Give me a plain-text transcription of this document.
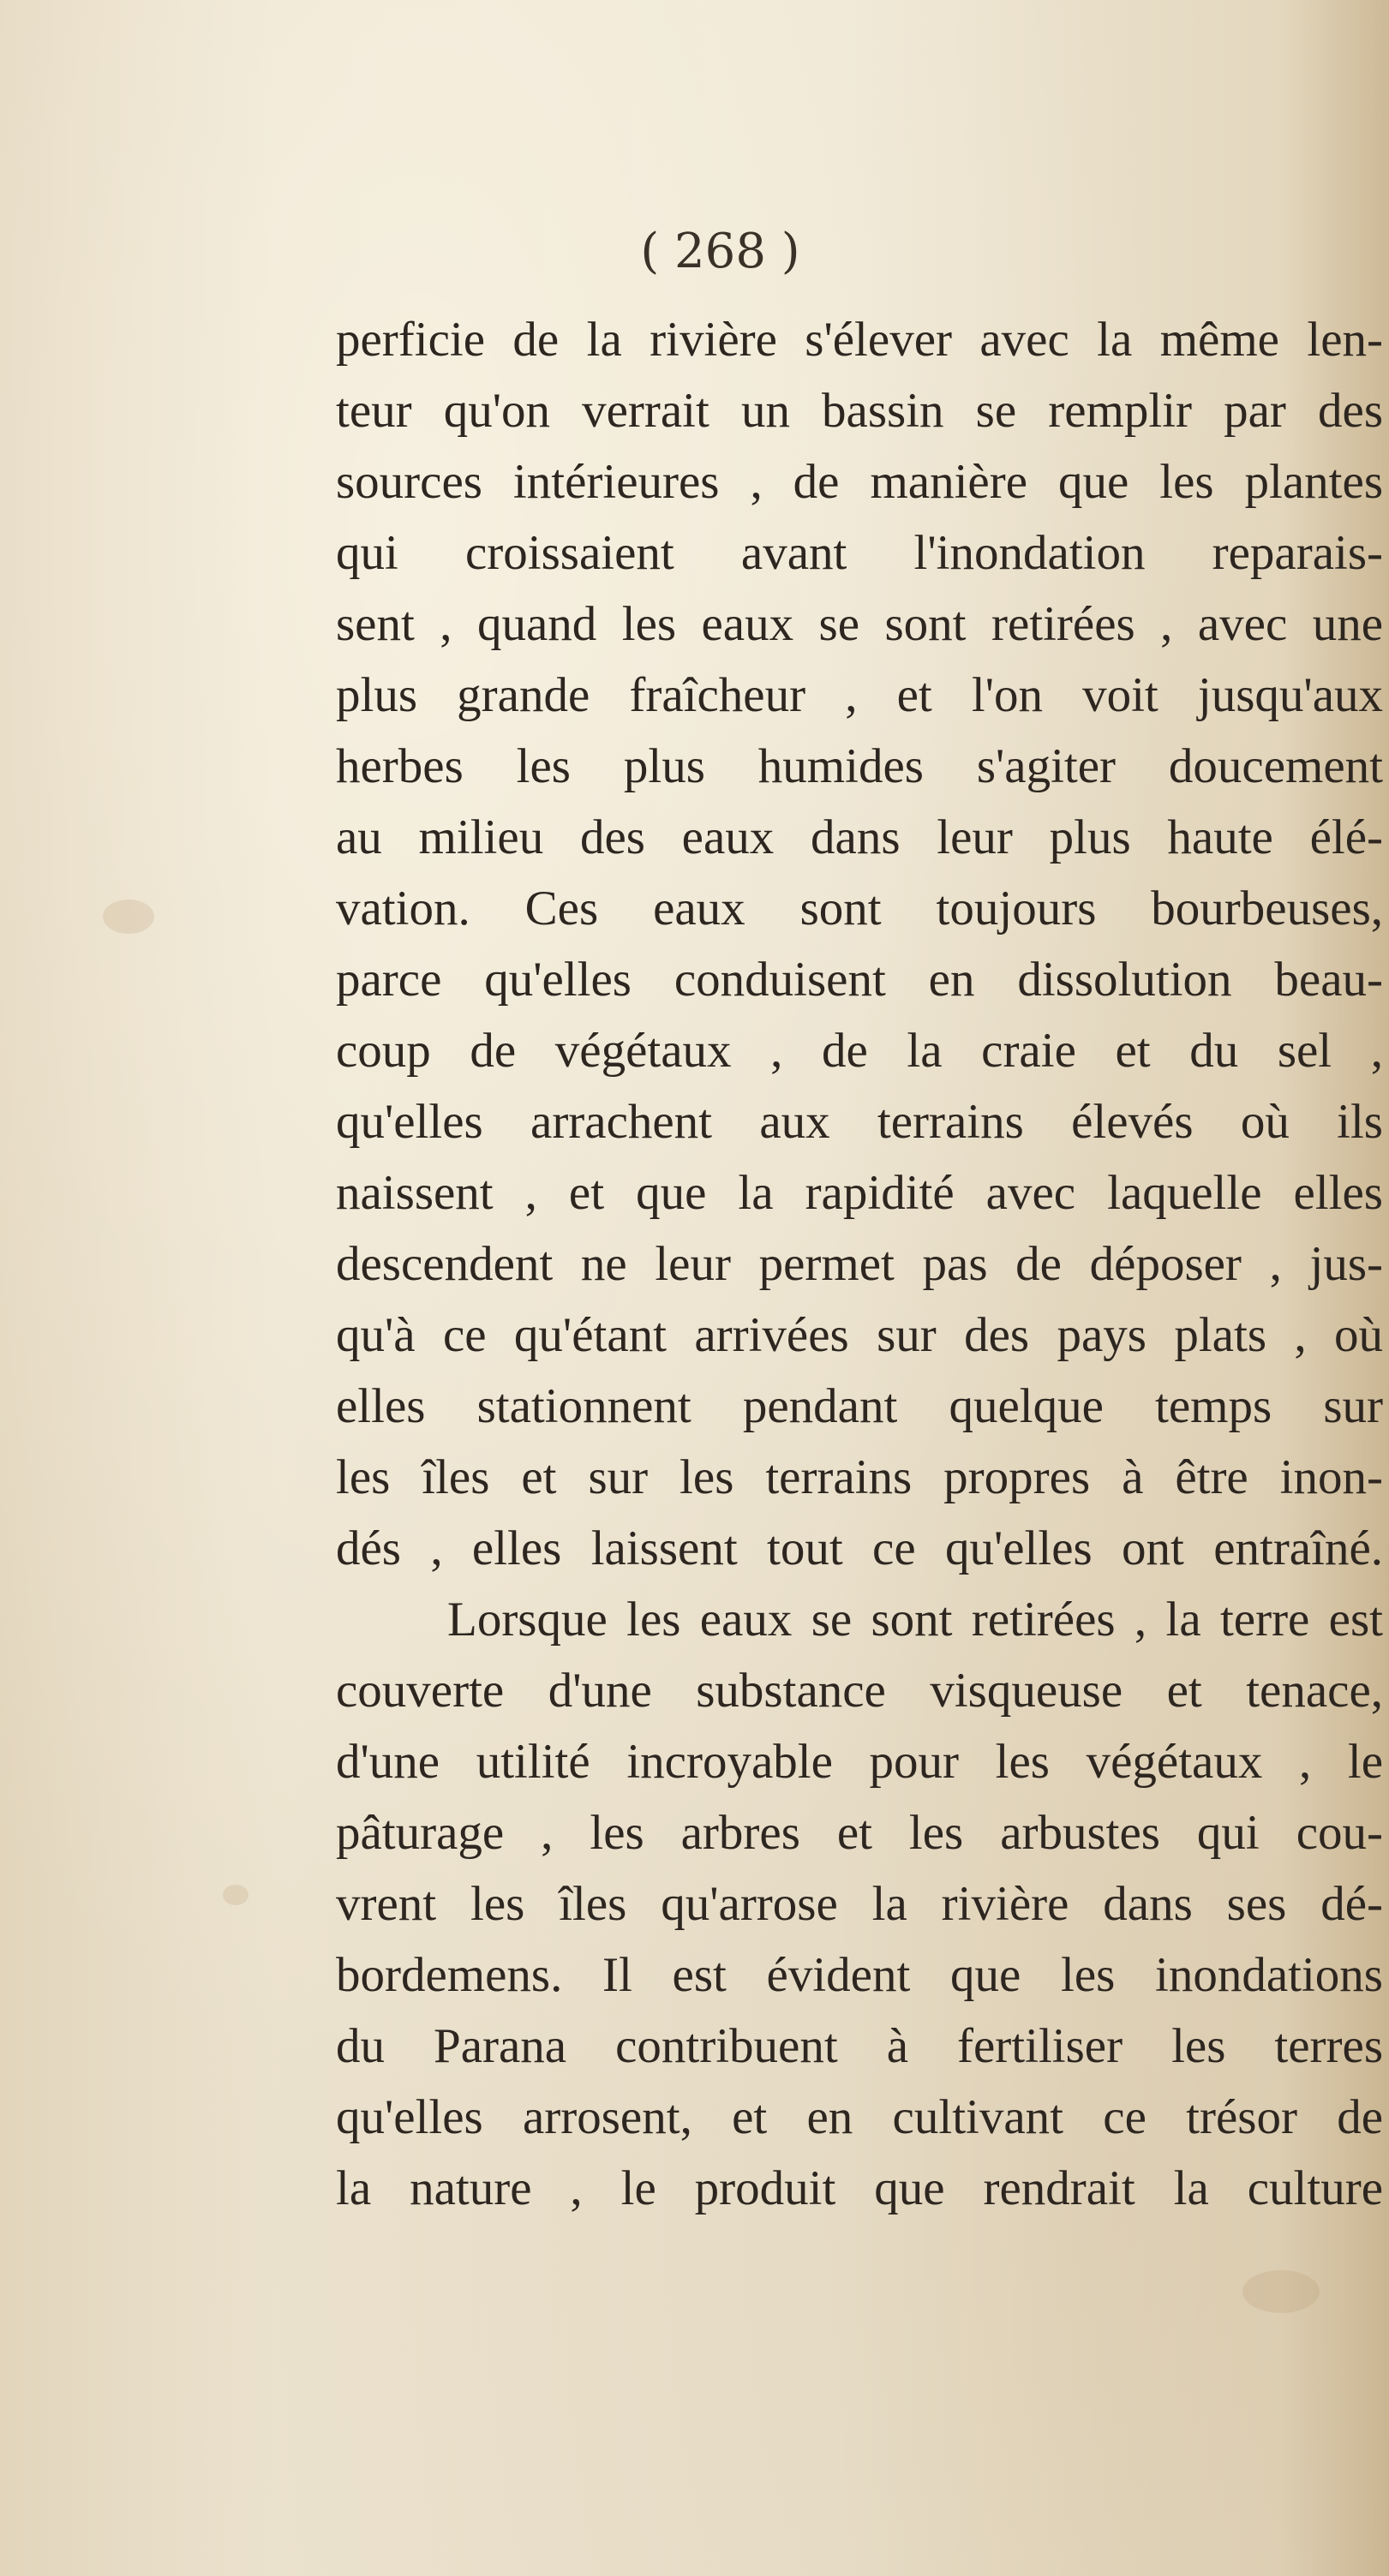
( 268 )

perficie de la rivière s'élever avec la même len-
teur qu'on verrait un bassin se remplir par des
sources intérieures , de manière que les plantes
qui croissaient avant l'inondation reparais-
sent , quand les eaux se sont retirées , avec une
plus grande fraîcheur , et l'on voit jusqu'aux
herbes les plus humides s'agiter doucement
au milieu des eaux dans leur plus haute élé-
vation. Ces eaux sont toujours bourbeuses,
parce qu'elles conduisent en dissolution beau-
coup de végétaux , de la craie et du sel ,
qu'elles arrachent aux terrains élevés où ils
naissent , et que la rapidité avec laquelle elles
descendent ne leur permet pas de déposer , jus-
qu'à ce qu'étant arrivées sur des pays plats , où
elles stationnent pendant quelque temps sur
les îles et sur les terrains propres à être inon-
dés , elles laissent tout ce qu'elles ont entraîné.
Lorsque les eaux se sont retirées , la terre est
couverte d'une substance visqueuse et tenace,
d'une utilité incroyable pour les végétaux , le
pâturage , les arbres et les arbustes qui cou-
vrent les îles qu'arrose la rivière dans ses dé-
bordemens. Il est évident que les inondations
du Parana contribuent à fertiliser les terres
qu'elles arrosent, et en cultivant ce trésor de
la nature , le produit que rendrait la culture
